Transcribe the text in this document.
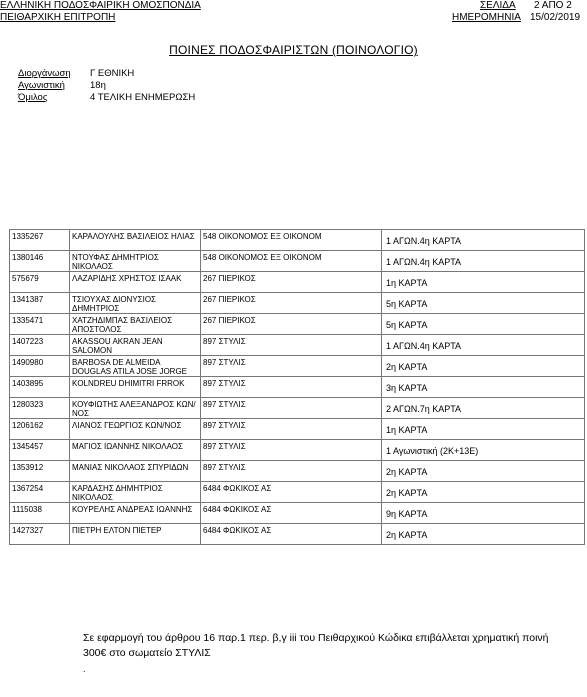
ΕΛΛΗΝΙΚΗ ΠΟΔΟΣΦΑΙΡΙΚΗ ΟΜΟΣΠΟΝΔΙΑ
ΠΕΙΘΑΡΧΙΚΗ ΕΠΙΤΡΟΠΗ
ΣΕΛΙΔΑ 2 ΑΠΟ 2
ΗΜΕΡΟΜΗΝΙΑ 15/02/2019
ΠΟΙΝΕΣ ΠΟΔΟΣΦΑΙΡΙΣΤΩΝ (ΠΟΙΝΟΛΟΓΙΟ)
Διοργάνωση Γ ΕΘΝΙΚΗ
Αγωνιστική	18η
Όμιλος	4 ΤΕΛΙΚΗ ΕΝΗΜΕΡΩΣΗ
1335267	ΚΑΡΑΛΟΥΛΗΣ ΒΑΣΙΛΕΙΟΣ ΗΛΙΑΣ	548 ΟΙΚΟΝΟΜΟΣ ΕΞ ΟΙΚΟΝΟΜ	1 ΑΓΩΝ.4η ΚΑΡΤΑ
1380146	ΝΤΟΥΦΑΣ ΔΗΜΗΤΡΙΟΣ ΝΙΚΟΛΑΟΣ	548 ΟΙΚΟΝΟΜΟΣ ΕΞ ΟΙΚΟΝΟΜ	1 ΑΓΩΝ.4η ΚΑΡΤΑ
575679	ΛΑΖΑΡΙΔΗΣ ΧΡΗΣΤΟΣ ΙΣΑΑΚ	267 ΠΙΕΡΙΚΟΣ	1η ΚΑΡΤΑ
1341387	ΤΣΙΟΥΧΑΣ ΔΙΟΝΥΣΙΟΣ ΔΗΜΗΤΡΙΟΣ	267 ΠΙΕΡΙΚΟΣ	5η ΚΑΡΤΑ
1335471	ΧΑΤΖΗΔΙΜΠΑΣ ΒΑΣΙΛΕΙΟΣ ΑΠΟΣΤΟΛΟΣ	267 ΠΙΕΡΙΚΟΣ	5η ΚΑΡΤΑ
1407223	AKASSOU AKRAN JEAN SALOMON	897 ΣΤΥΛΙΣ	1 ΑΓΩΝ.4η ΚΑΡΤΑ
1490980	BARBOSA DE ALMEIDA DOUGLAS ATILA JOSE JORGE	897 ΣΤΥΛΙΣ	2η ΚΑΡΤΑ
1403895	KOLNDREU DHIMITRI FRROK	897 ΣΤΥΛΙΣ	3η ΚΑΡΤΑ
1280323	ΚΟΥΦΙΩΤΗΣ ΑΛΕΞΑΝΔΡΟΣ ΚΩΝ/ΝΟΣ	897 ΣΤΥΛΙΣ	2 ΑΓΩΝ.7η ΚΑΡΤΑ
1206162	ΛΙΑΝΟΣ ΓΕΩΡΓΙΟΣ ΚΩΝ/ΝΟΣ	897 ΣΤΥΛΙΣ	1η ΚΑΡΤΑ
1345457	ΜΑΓΙΟΣ ΙΩΑΝΝΗΣ ΝΙΚΟΛΑΟΣ	897 ΣΤΥΛΙΣ	1 Αγωνιστική (2Κ+13Ε)
1353912	ΜΑΝΙΑΣ ΝΙΚΟΛΑΟΣ ΣΠΥΡΙΔΩΝ	897 ΣΤΥΛΙΣ	2η ΚΑΡΤΑ
1367254	ΚΑΡΔΑΣΗΣ ΔΗΜΗΤΡΙΟΣ ΝΙΚΟΛΑΟΣ	6484 ΦΩΚΙΚΟΣ ΑΣ	2η ΚΑΡΤΑ
1115038	ΚΟΥΡΕΛΗΣ ΑΝΔΡΕΑΣ ΙΩΑΝΝΗΣ	6484 ΦΩΚΙΚΟΣ ΑΣ	9η ΚΑΡΤΑ
1427327	ΠΙΕΤΡΗ ΕΛΤΟΝ ΠΙΕΤΕΡ	6484 ΦΩΚΙΚΟΣ ΑΣ	2η ΚΑΡΤΑ
Σε εφαρμογή του άρθρου 16 παρ.1 περ. β,γ iii του Πειθαρχικού Κώδικα επιβάλλεται χρηματική ποινή 300€ στο σωματείο ΣΤΥΛΙΣ
.
